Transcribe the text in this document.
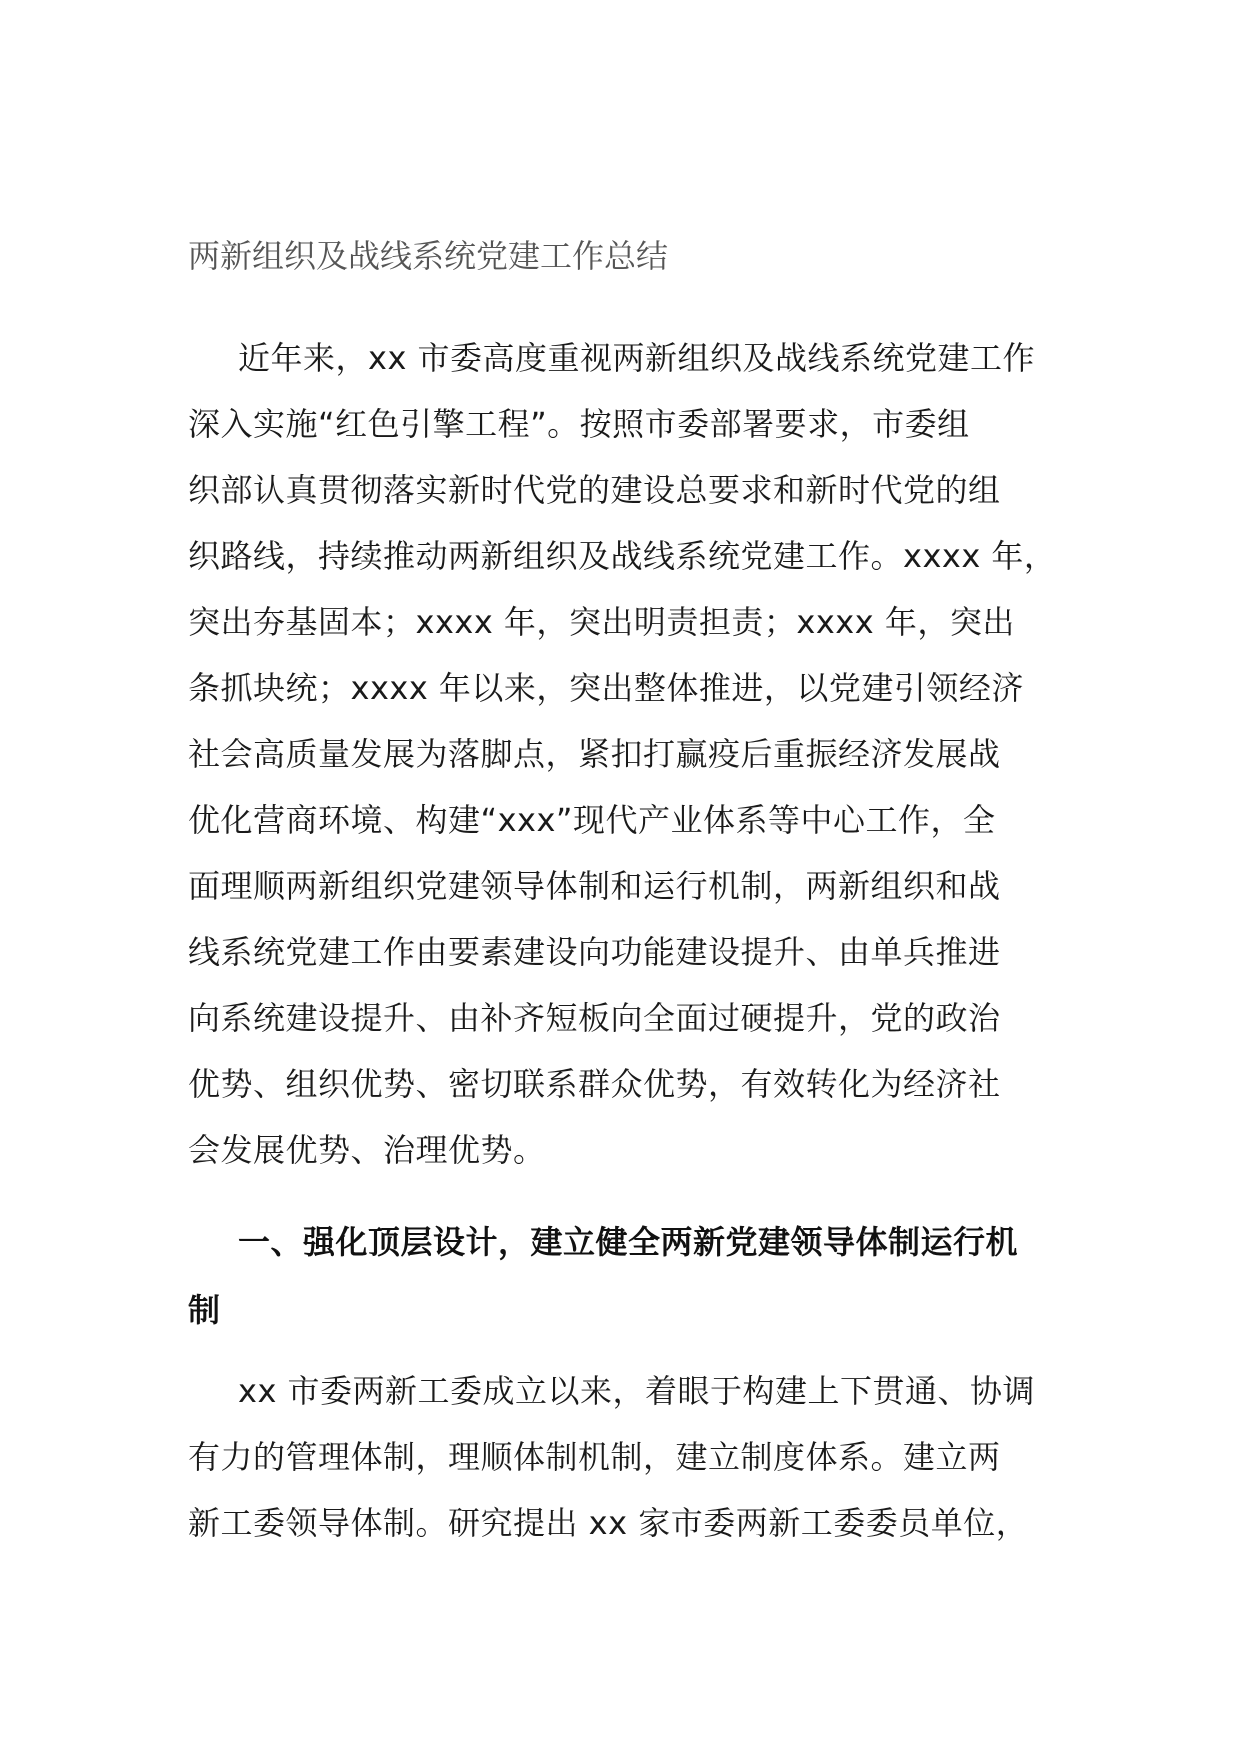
两新组织及战线系统党建工作总结
近年来，xx 市委高度重视两新组织及战线系统党建工作
深入实施“红色引擎工程”。按照市委部署要求，市委组
织部认真贯彻落实新时代党的建设总要求和新时代党的组
织路线，持续推动两新组织及战线系统党建工作。xxxx 年，
突出夯基固本；xxxx 年，突出明责担责；xxxx 年，突出
条抓块统；xxxx 年以来，突出整体推进，以党建引领经济
社会高质量发展为落脚点，紧扣打赢疫后重振经济发展战
优化营商环境、构建“xxx”现代产业体系等中心工作，全
面理顺两新组织党建领导体制和运行机制，两新组织和战
线系统党建工作由要素建设向功能建设提升、由单兵推进
向系统建设提升、由补齐短板向全面过硬提升，党的政治
优势、组织优势、密切联系群众优势，有效转化为经济社
会发展优势、治理优势。
一、强化顶层设计，建立健全两新党建领导体制运行机
制
xx 市委两新工委成立以来，着眼于构建上下贯通、协调
有力的管理体制，理顺体制机制，建立制度体系。建立两
新工委领导体制。研究提出 xx 家市委两新工委委员单位，
